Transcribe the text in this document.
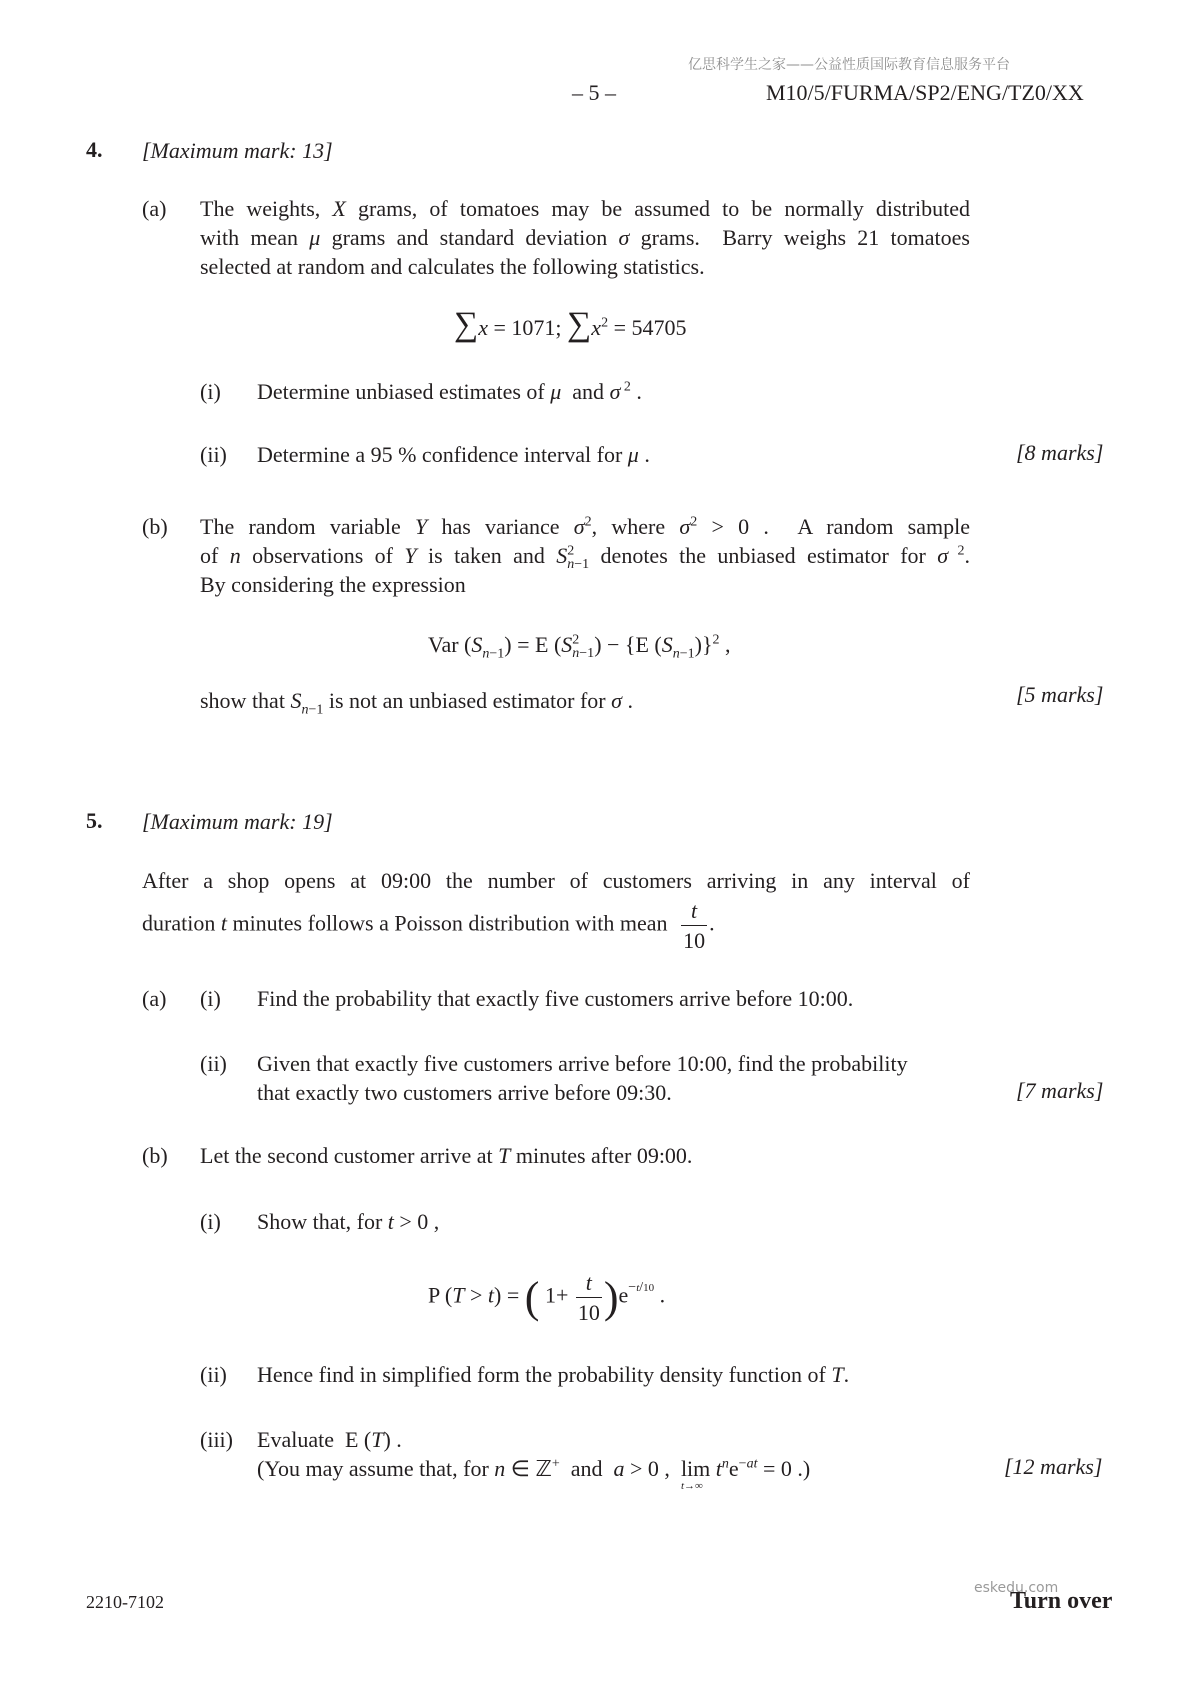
亿思科学生之家——公益性质国际教育信息服务平台
– 5 –	M10/5/FURMA/SP2/ENG/TZ0/XX
4. [Maximum mark: 13]
(a) The weights, X grams, of tomatoes may be assumed to be normally distributed
with mean μ grams and standard deviation σ grams.  Barry weighs 21 tomatoes
selected at random and calculates the following statistics.
∑x = 1071; $\sum x^2 = 54705$
(i) Determine unbiased estimates of μ  and σ $^2$ .
(ii) Determine a 95 % confidence interval for μ .	[8 marks]
(b) The random variable Y has variance $\sigma^2$, where $\sigma^2 > 0$ .  A random sample
of n observations of Y is taken and $S^2_{n-1}$ denotes the unbiased estimator for σ $^2$.
By considering the expression
Var $(S_{n-1}) = E$ $(S^2_{n-1}) - \{E$ $(S_{n-1})\}^2$ ,
show that $S_{n-1}$ is not an unbiased estimator for σ .	[5 marks]
5. [Maximum mark: 19]
After a shop opens at 09:00 the number of customers arriving in any interval of
duration t minutes follows a Poisson distribution with mean $\frac{t}{10}$ .
(a) (i) Find the probability that exactly five customers arrive before 10:00.
(ii) Given that exactly five customers arrive before 10:00, find the probability
that exactly two customers arrive before 09:30.	[7 marks]
(b) Let the second customer arrive at T minutes after 09:00.
(i) Show that, for t > 0 ,
P (T > t) = ( $1+ \frac{t}{10} )e^{-t/10}$ .
(ii) Hence find in simplified form the probability density function of T.
(iii) Evaluate  E (T) .
(You may assume that, for n ∈ ℤ+  and  a > 0 ,  lim
t→∞
$t^ne^{-at} = 0$ .)	[12 marks]
2210-7102
eskedu.com
Turn over
